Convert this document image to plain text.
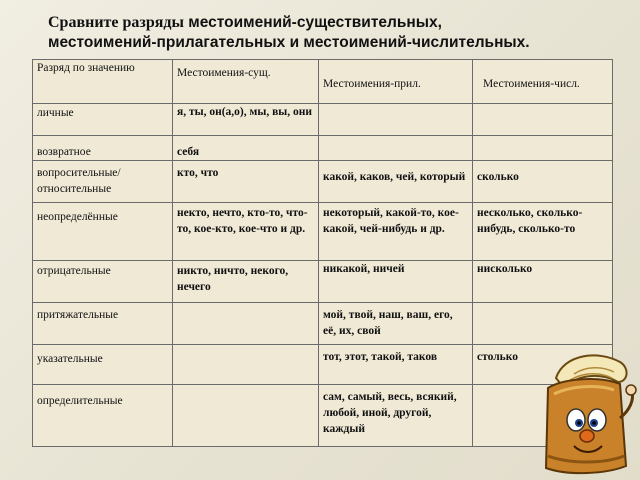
Сравните разряды местоимений-существительных,
местоимений-прилагательных и местоимений-числительных.
Разряд по значению	Местоимения-сущ.	Местоимения-прил.	Местоимения-числ.
личные	я, ты, он(а,о), мы, вы, они		
возвратное	себя		
вопросительные/ относительные	кто, что	какой, каков, чей, который	сколько
неопределённые	некто, нечто, кто-то, что-то, кое-кто, кое-что и др.	некоторый, какой-то, кое-какой, чей-нибудь и др.	несколько, сколько-нибудь, сколько-то
отрицательные	никто, ничто, некого, нечего	никакой, ничей	нисколько
притяжательные		мой, твой, наш, ваш, его, её, их, свой	
указательные		тот, этот, такой, таков	столько
определительные		сам, самый, весь, всякий, любой, иной, другой, каждый	
